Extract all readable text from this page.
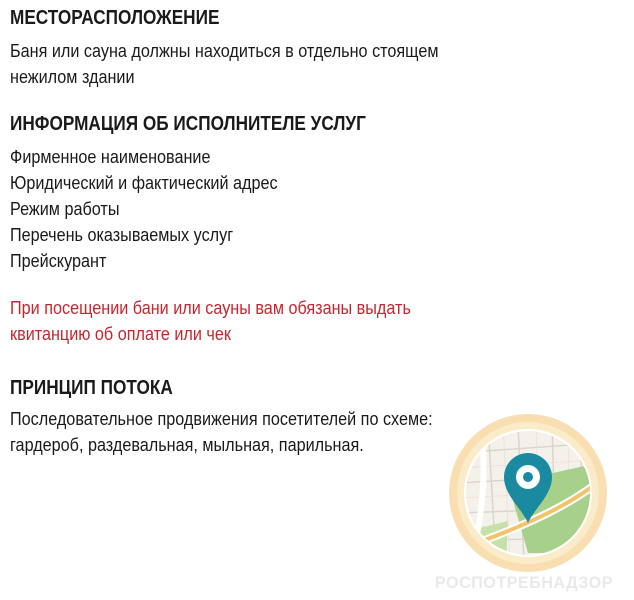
МЕСТОРАСПОЛОЖЕНИЕ
Баня или сауна должны находиться в отдельно стоящем
нежилом здании
ИНФОРМАЦИЯ ОБ ИСПОЛНИТЕЛЕ УСЛУГ
Фирменное наименование
Юридический и фактический адрес
Режим работы
Перечень оказываемых услуг
Прейскурант
При посещении бани или сауны вам обязаны выдать
квитанцию об оплате или чек
ПРИНЦИП ПОТОКА
Последовательное продвижения посетителей по схеме:
гардероб, раздевальная, мыльная, парильная.
РОСПОТРЕБНАДЗОР
